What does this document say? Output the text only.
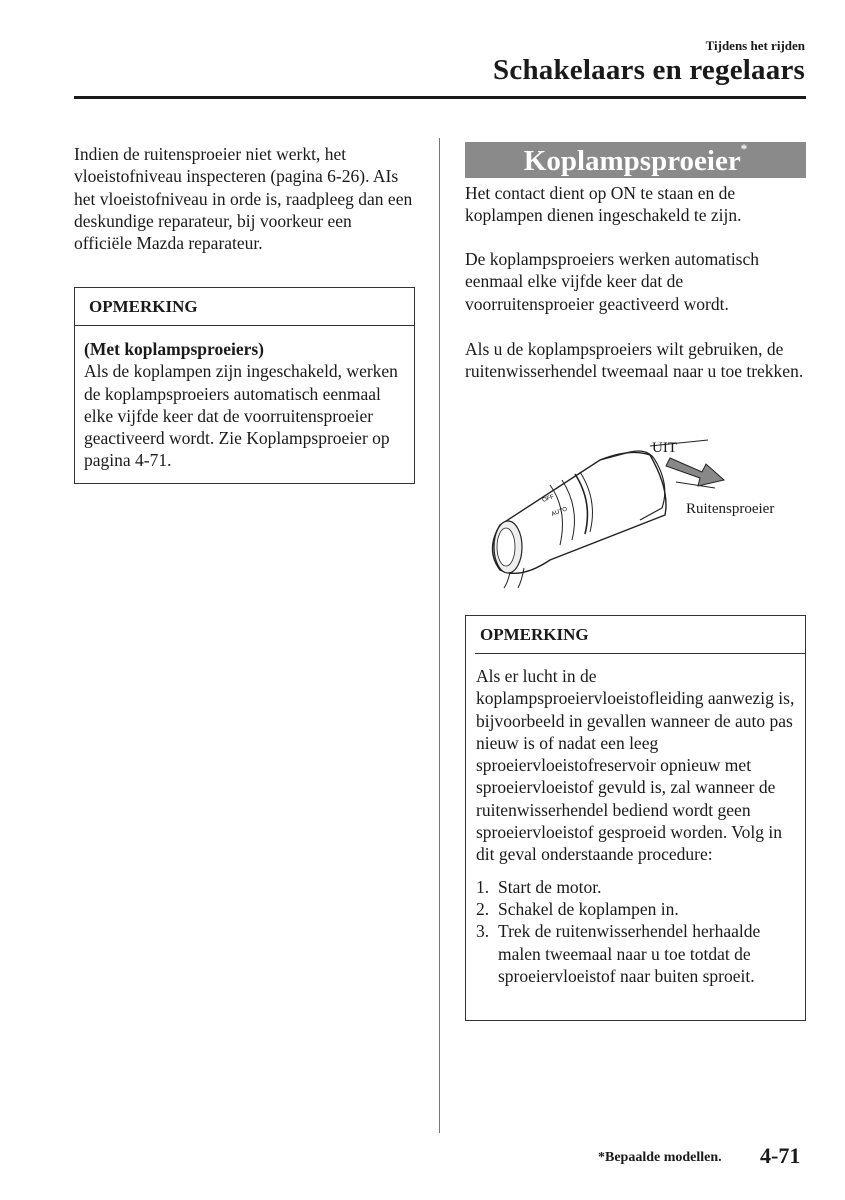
Tijdens het rijden
Schakelaars en regelaars
Indien de ruitensproeier niet werkt, het vloeistofniveau inspecteren (pagina 6-26). AIs het vloeistofniveau in orde is, raadpleeg dan een deskundige reparateur, bij voorkeur een officiële Mazda reparateur.
OPMERKING
(Met koplampsproeiers)
Als de koplampen zijn ingeschakeld, werken de koplampsproeiers automatisch eenmaal elke vijfde keer dat de voorruitensproeier geactiveerd wordt. Zie Koplampsproeier op pagina 4-71.
Koplampsproeier*
Het contact dient op ON te staan en de koplampen dienen ingeschakeld te zijn.
De koplampsproeiers werken automatisch eenmaal elke vijfde keer dat de voorruitensproeier geactiveerd wordt.
Als u de koplampsproeiers wilt gebruiken, de ruitenwisserhendel tweemaal naar u toe trekken.
AUTO
OFF
UIT
Ruitensproeier
OPMERKING
Als er lucht in de koplampsproeiervloeistofleiding aanwezig is, bijvoorbeeld in gevallen wanneer de auto pas nieuw is of nadat een leeg sproeiervloeistofreservoir opnieuw met sproeiervloeistof gevuld is, zal wanneer de ruitenwisserhendel bediend wordt geen sproeiervloeistof gesproeid worden. Volg in dit geval onderstaande procedure:
1. Start de motor.
2. Schakel de koplampen in.
3. Trek de ruitenwisserhendel herhaalde malen tweemaal naar u toe totdat de sproeiervloeistof naar buiten sproeit.
*Bepaalde modellen. 4-71
